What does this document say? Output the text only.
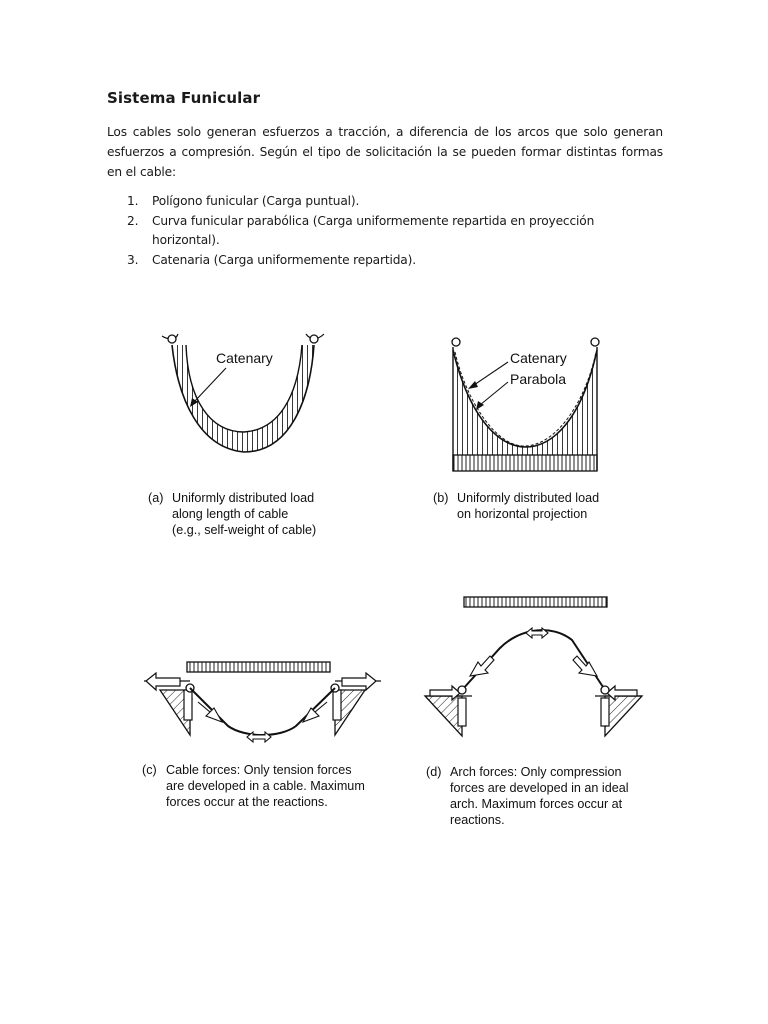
Sistema Funicular
Los cables solo generan esfuerzos a tracción, a diferencia de los arcos que solo generan esfuerzos a compresión. Según el tipo de solicitación la se pueden formar distintas formas en el cable:
1. Polígono funicular (Carga puntual).
2. Curva funicular parabólica (Carga uniformemente repartida en proyección horizontal).
3. Catenaria (Carga uniformemente repartida).
Catenary	Catenary
Parabola
(a) Uniformly distributed load
along length of cable
(e.g., self-weight of cable)
(b) Uniformly distributed load
on horizontal projection
(c) Cable forces: Only tension forces
are developed in a cable. Maximum
forces occur at the reactions.
(d) Arch forces: Only compression
forces are developed in an ideal
arch. Maximum forces occur at
reactions.
